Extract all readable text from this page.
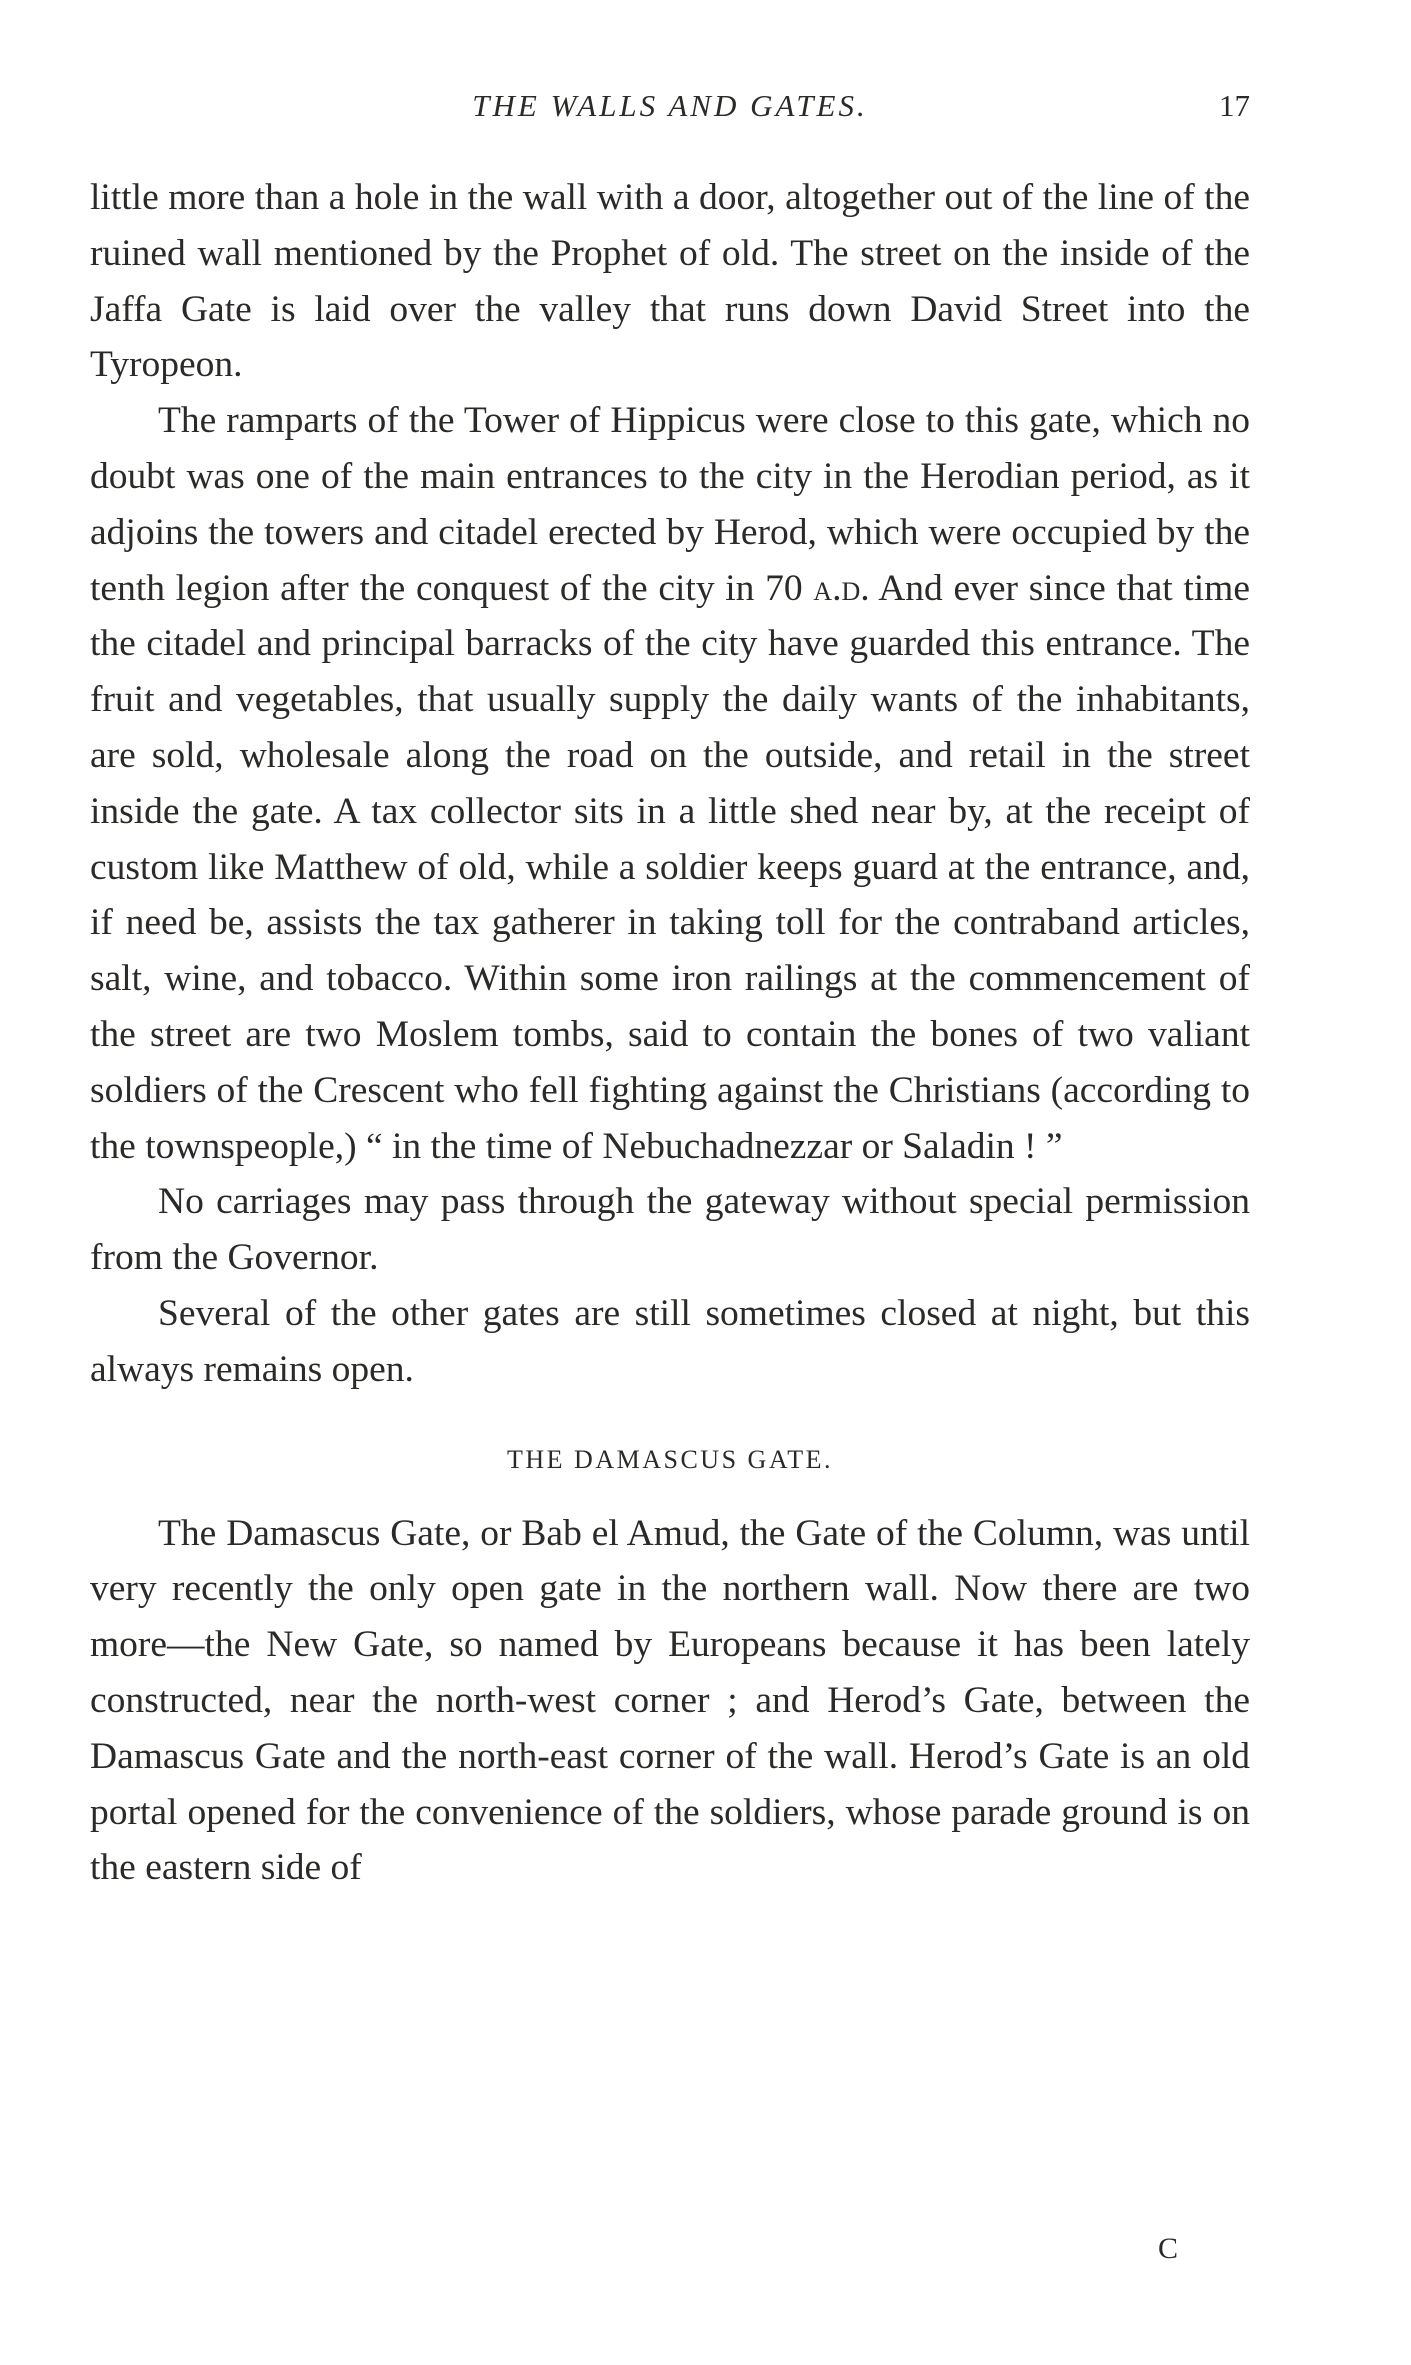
THE WALLS AND GATES.	17

little more than a hole in the wall with a door, altogether out of the line of the ruined wall mentioned by the Prophet of old. The street on the inside of the Jaffa Gate is laid over the valley that runs down David Street into the Tyropeon.

The ramparts of the Tower of Hippicus were close to this gate, which no doubt was one of the main entrances to the city in the Herodian period, as it adjoins the towers and citadel erected by Herod, which were occupied by the tenth legion after the conquest of the city in 70 a.d. And ever since that time the citadel and principal barracks of the city have guarded this entrance. The fruit and vegetables, that usually supply the daily wants of the inhabitants, are sold, wholesale along the road on the outside, and retail in the street inside the gate. A tax collector sits in a little shed near by, at the receipt of custom like Matthew of old, while a soldier keeps guard at the entrance, and, if need be, assists the tax gatherer in taking toll for the contraband articles, salt, wine, and tobacco. Within some iron railings at the commencement of the street are two Moslem tombs, said to contain the bones of two valiant soldiers of the Crescent who fell fighting against the Christians (according to the townspeople,) “ in the time of Nebuchadnezzar or Saladin ! ”

No carriages may pass through the gateway without special permission from the Governor.

Several of the other gates are still sometimes closed at night, but this always remains open.

THE DAMASCUS GATE.

The Damascus Gate, or Bab el Amud, the Gate of the Column, was until very recently the only open gate in the northern wall. Now there are two more—the New Gate, so named by Europeans because it has been lately constructed, near the north-west corner ; and Herod’s Gate, between the Damascus Gate and the north-east corner of the wall. Herod’s Gate is an old portal opened for the convenience of the soldiers, whose parade ground is on the eastern side of

C
